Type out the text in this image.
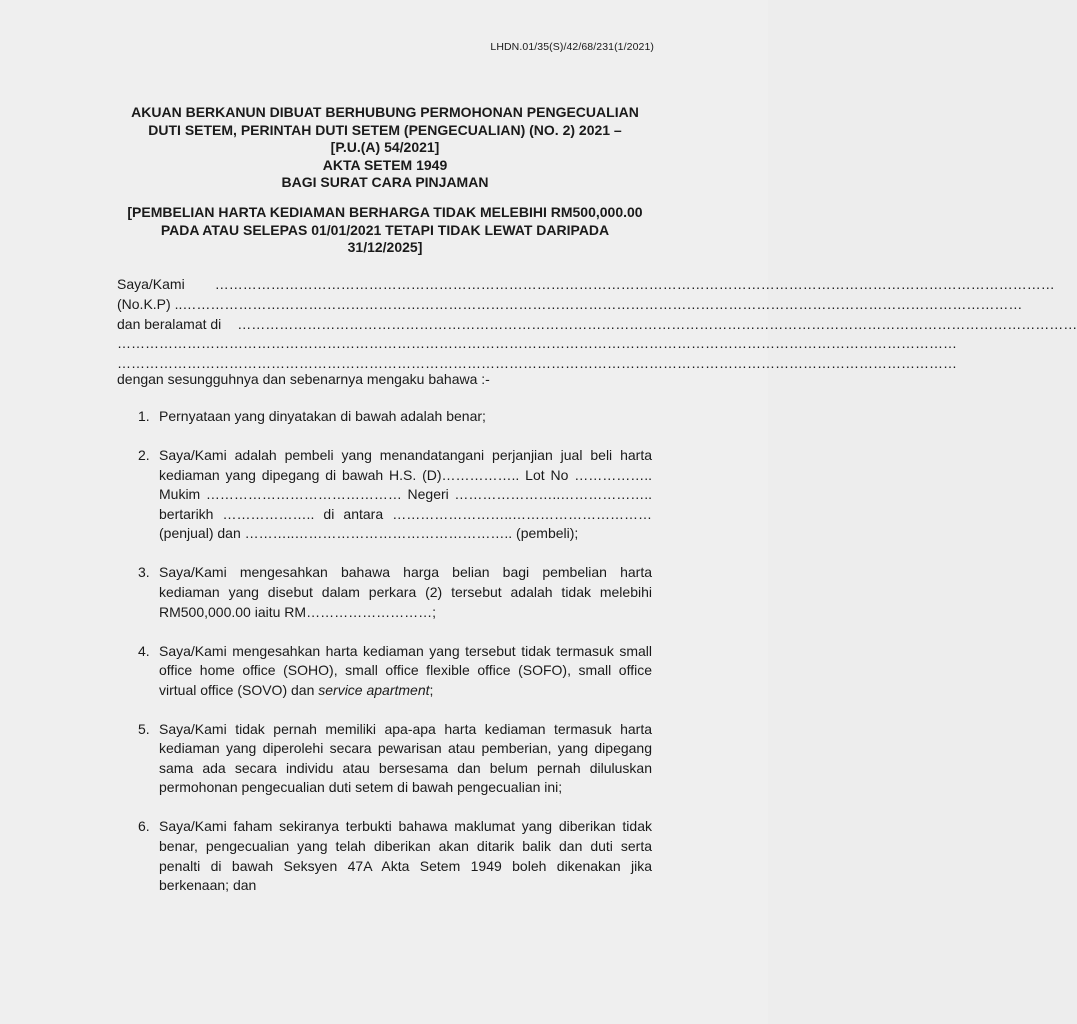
LHDN.01/35(S)/42/68/231(1/2021)
AKUAN BERKANUN DIBUAT BERHUBUNG PERMOHONAN PENGECUALIAN
DUTI SETEM, PERINTAH DUTI SETEM (PENGECUALIAN) (NO. 2) 2021 –
[P.U.(A) 54/2021]
AKTA SETEM 1949
BAGI SURAT CARA PINJAMAN
[PEMBELIAN HARTA KEDIAMAN BERHARGA TIDAK MELEBIHI RM500,000.00
PADA ATAU SELEPAS 01/01/2021 TETAPI TIDAK LEWAT DARIPADA
31/12/2025]
Saya/Kami ………………………………………………………………………………………………………………………………………………………………
(No.K.P) .. ………………………………………………………………………………………………………………………………………………………………
dan beralamat di ………………………………………………………………………………………………………………………………………………………………
………………………………………………………………………………………………………………………………………………………………
………………………………………………………………………………………………………………………………………………………………
dengan sesungguhnya dan sebenarnya mengaku bahawa :-
1. Pernyataan yang dinyatakan di bawah adalah benar;
2. Saya/Kami adalah pembeli yang menandatangani perjanjian jual beli harta
kediaman yang dipegang di bawah H.S. (D)…………….. Lot No ……………..
Mukim …………………………………… Negeri …………………..………………..
bertarikh ……………….. di antara ……………………..…………………………
(penjual) dan ………..……………………………………….. (pembeli);
3. Saya/Kami mengesahkan bahawa harga belian bagi pembelian harta
kediaman yang disebut dalam perkara (2) tersebut adalah tidak melebihi
RM500,000.00 iaitu RM………………………;
4. Saya/Kami mengesahkan harta kediaman yang tersebut tidak termasuk small
office home office (SOHO), small office flexible office (SOFO), small office
virtual office (SOVO) dan service apartment;
5. Saya/Kami tidak pernah memiliki apa-apa harta kediaman termasuk harta
kediaman yang diperolehi secara pewarisan atau pemberian, yang dipegang
sama ada secara individu atau bersesama dan belum pernah diluluskan
permohonan pengecualian duti setem di bawah pengecualian ini;
6. Saya/Kami faham sekiranya terbukti bahawa maklumat yang diberikan tidak
benar, pengecualian yang telah diberikan akan ditarik balik dan duti serta
penalti di bawah Seksyen 47A Akta Setem 1949 boleh dikenakan jika
berkenaan; dan
